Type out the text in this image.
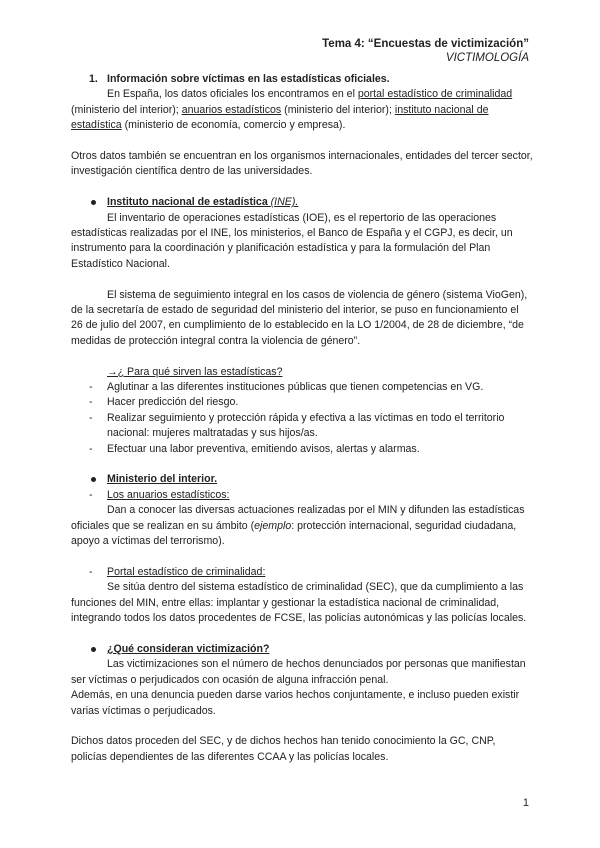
Tema 4: “Encuestas de victimización”
VICTIMOLOGÍA

1. Información sobre víctimas en las estadísticas oficiales.

En España, los datos oficiales los encontramos en el portal estadístico de criminalidad (ministerio del interior); anuarios estadísticos (ministerio del interior); instituto nacional de estadística (ministerio de economía, comercio y empresa).

Otros datos también se encuentran en los organismos internacionales, entidades del tercer sector, investigación científica dentro de las universidades.

Instituto nacional de estadística (INE).

El inventario de operaciones estadísticas (IOE), es el repertorio de las operaciones estadísticas realizadas por el INE, los ministerios, el Banco de España y el CGPJ, es decir, un instrumento para la coordinación y planificación estadística y para la formulación del Plan Estadístico Nacional.

El sistema de seguimiento integral en los casos de violencia de género (sistema VioGen), de la secretaría de estado de seguridad del ministerio del interior, se puso en funcionamiento el 26 de julio del 2007, en cumplimiento de lo establecido en la LO 1/2004, de 28 de diciembre, “de medidas de protección integral contra la violencia de género”.

→¿ Para qué sirven las estadísticas?

- Aglutinar a las diferentes instituciones públicas que tienen competencias en VG.

- Hacer predicción del riesgo.

- Realizar seguimiento y protección rápida y efectiva a las víctimas en todo el territorio nacional: mujeres maltratadas y sus hijos/as.

- Efectuar una labor preventiva, emitiendo avisos, alertas y alarmas.

Ministerio del interior.

- Los anuarios estadísticos:

Dan a conocer las diversas actuaciones realizadas por el MIN y difunden las estadísticas oficiales que se realizan en su ámbito (ejemplo: protección internacional, seguridad ciudadana, apoyo a víctimas del terrorismo).

- Portal estadístico de criminalidad:

Se sitúa dentro del sistema estadístico de criminalidad (SEC), que da cumplimiento a las funciones del MIN, entre ellas: implantar y gestionar la estadística nacional de criminalidad, integrando todos los datos procedentes de FCSE, las policías autonómicas y las policías locales.

¿Qué consideran victimización?

Las victimizaciones son el número de hechos denunciados por personas que manifiestan ser víctimas o perjudicados con ocasión de alguna infracción penal.

Además, en una denuncia pueden darse varios hechos conjuntamente, e incluso pueden existir varias víctimas o perjudicados.

Dichos datos proceden del SEC, y de dichos hechos han tenido conocimiento la GC, CNP, policías dependientes de las diferentes CCAA y las policías locales.

1
